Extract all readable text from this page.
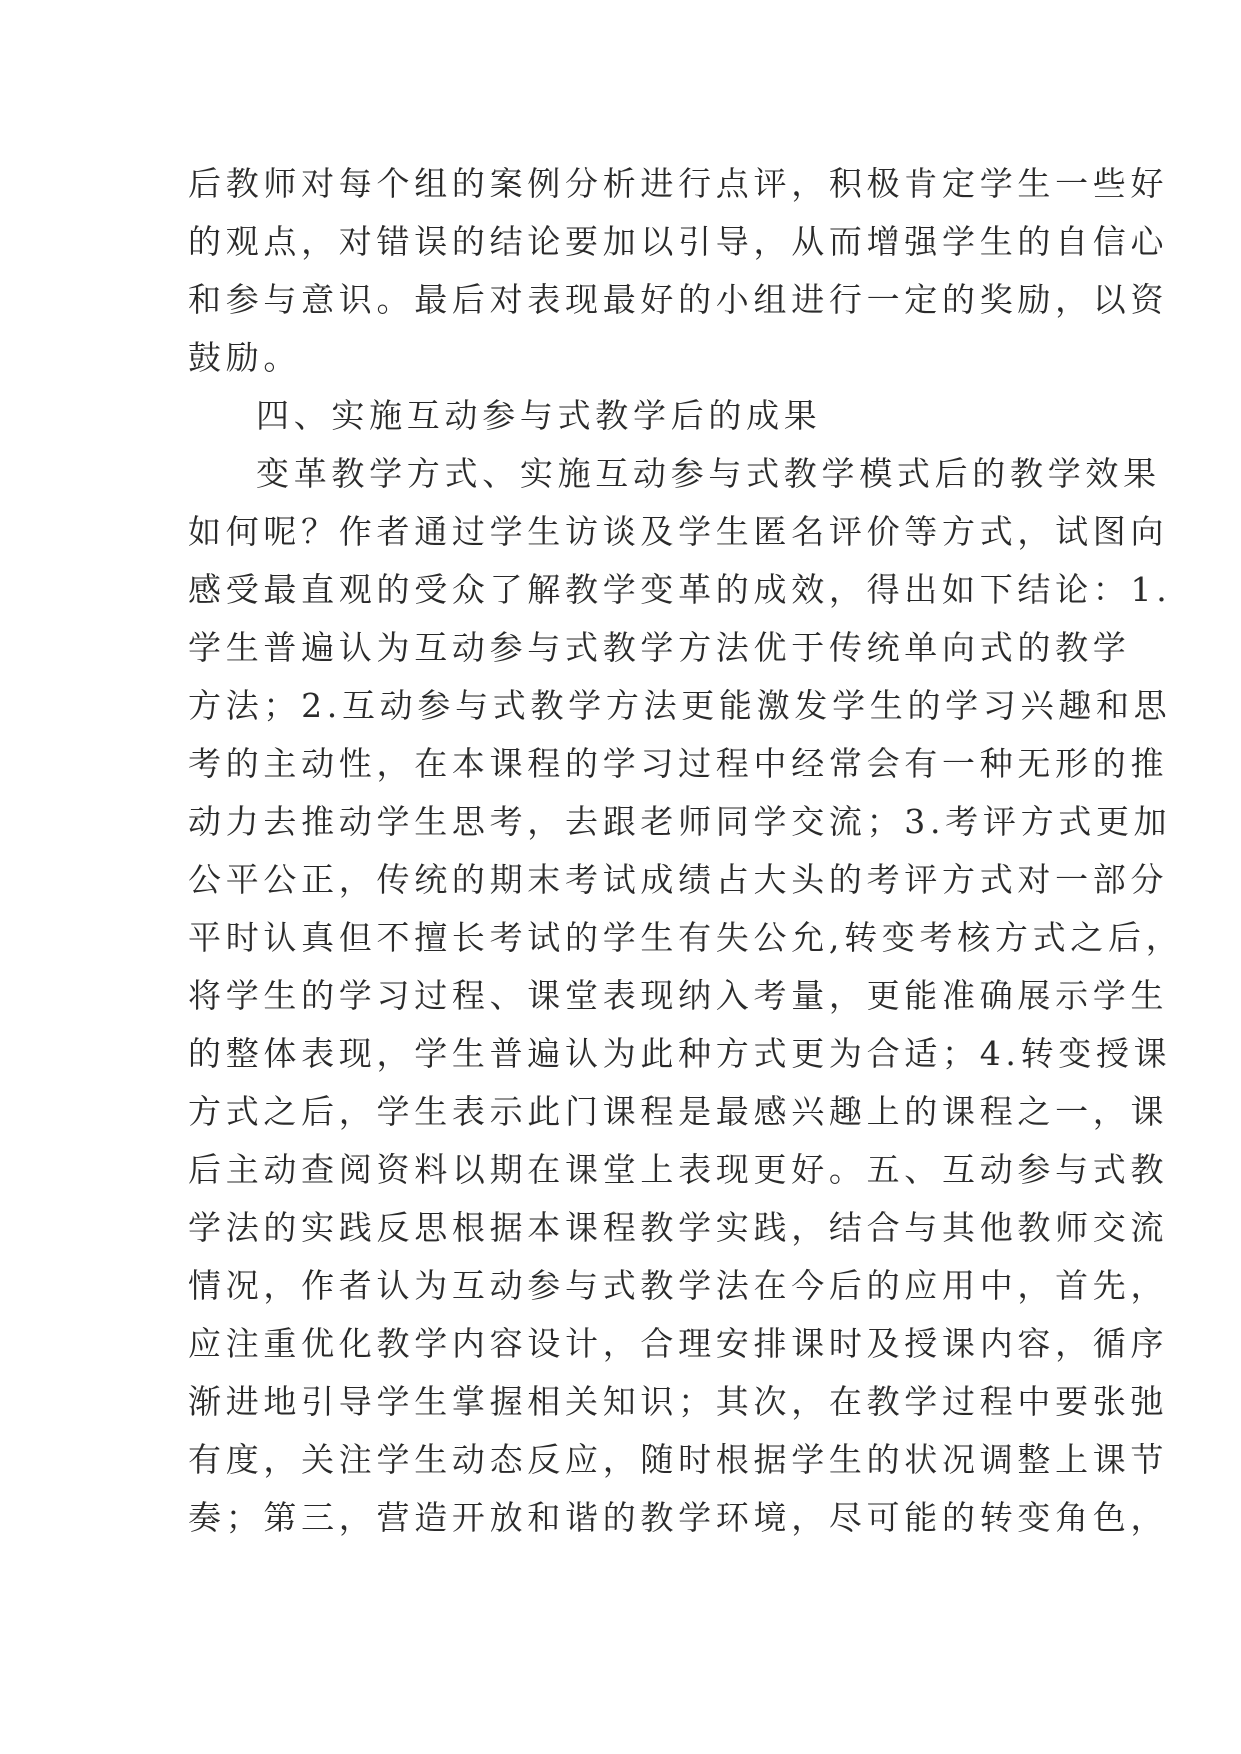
后教师对每个组的案例分析进行点评，积极肯定学生一些好
的观点，对错误的结论要加以引导，从而增强学生的自信心
和参与意识。最后对表现最好的小组进行一定的奖励，以资
鼓励。
四、实施互动参与式教学后的成果
变革教学方式、实施互动参与式教学模式后的教学效果
如何呢？作者通过学生访谈及学生匿名评价等方式，试图向
感受最直观的受众了解教学变革的成效，得出如下结论：1.
学生普遍认为互动参与式教学方法优于传统单向式的教学
方法；2.互动参与式教学方法更能激发学生的学习兴趣和思
考的主动性，在本课程的学习过程中经常会有一种无形的推
动力去推动学生思考，去跟老师同学交流；3.考评方式更加
公平公正，传统的期末考试成绩占大头的考评方式对一部分
平时认真但不擅长考试的学生有失公允,转变考核方式之后，
将学生的学习过程、课堂表现纳入考量，更能准确展示学生
的整体表现，学生普遍认为此种方式更为合适；4.转变授课
方式之后，学生表示此门课程是最感兴趣上的课程之一，课
后主动查阅资料以期在课堂上表现更好。五、互动参与式教
学法的实践反思根据本课程教学实践，结合与其他教师交流
情况，作者认为互动参与式教学法在今后的应用中，首先，
应注重优化教学内容设计，合理安排课时及授课内容，循序
渐进地引导学生掌握相关知识；其次，在教学过程中要张弛
有度，关注学生动态反应，随时根据学生的状况调整上课节
奏；第三，营造开放和谐的教学环境，尽可能的转变角色，
